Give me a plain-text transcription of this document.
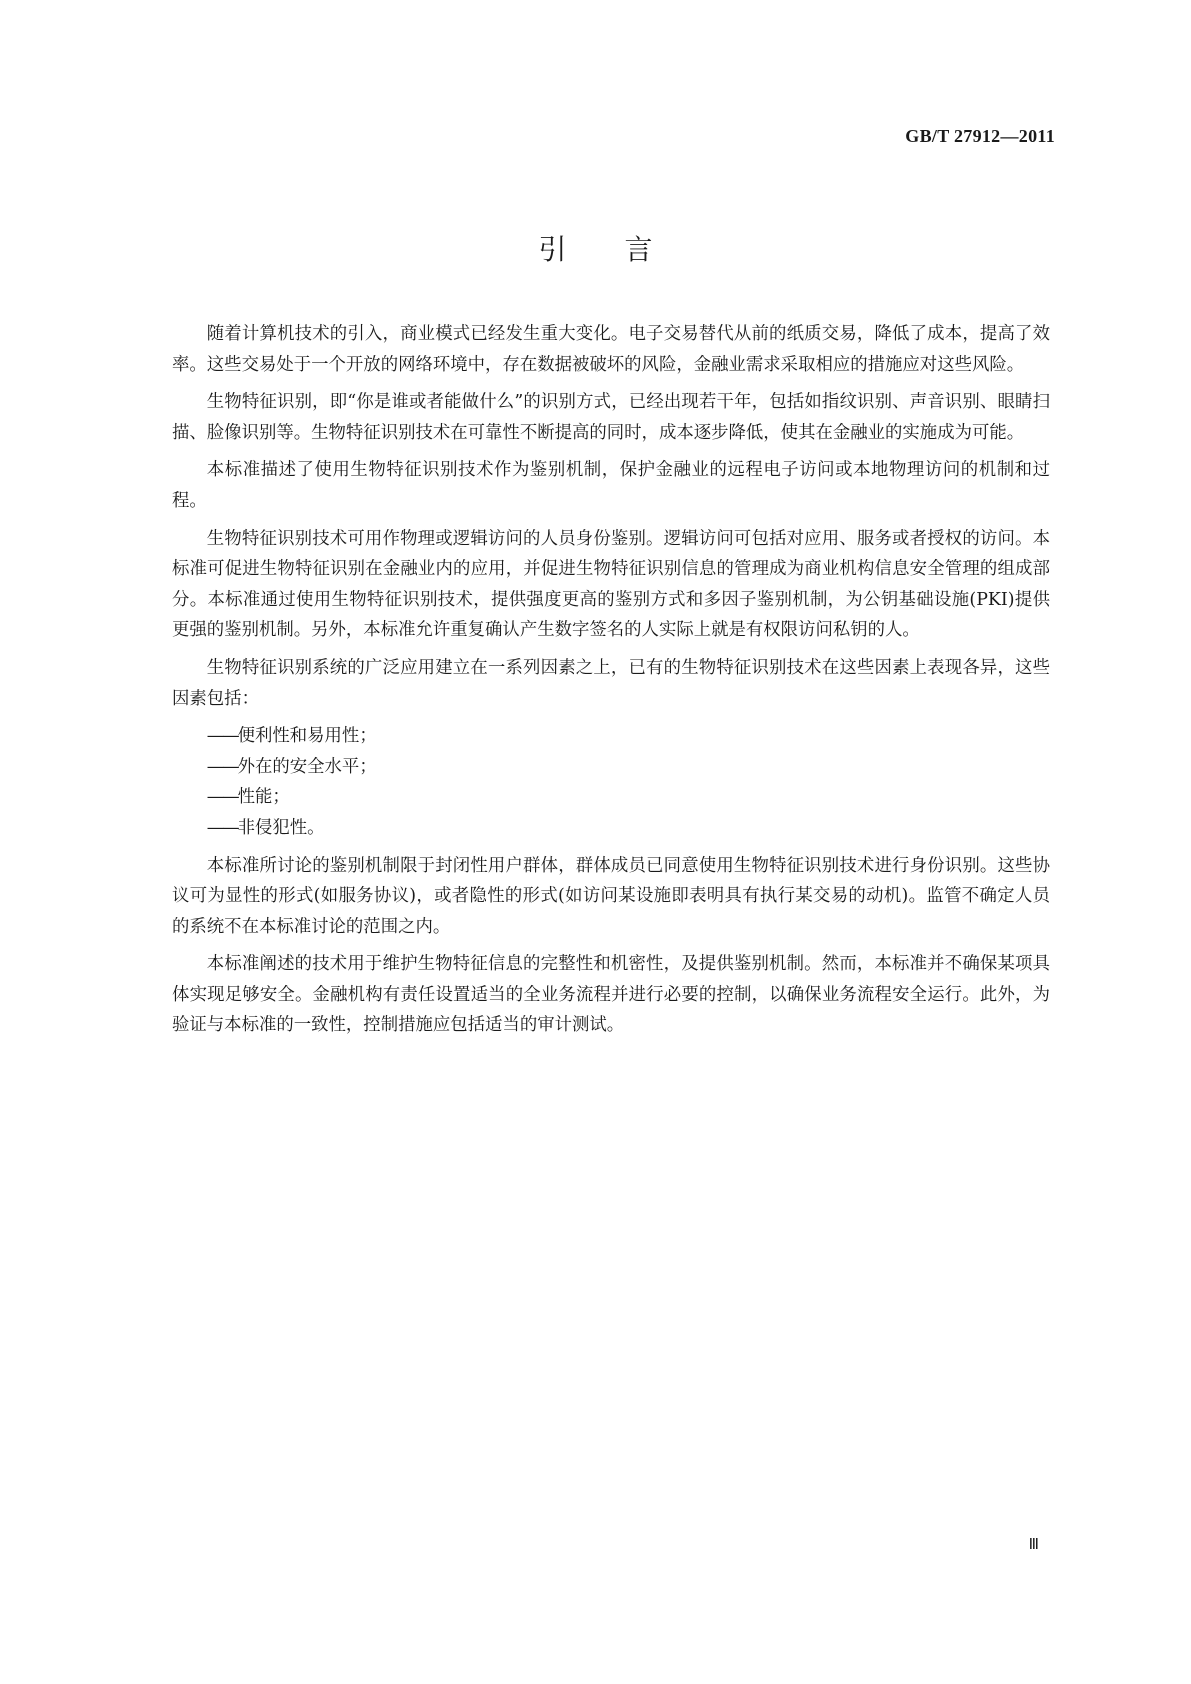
GB/T 27912—2011
引言

随着计算机技术的引入，商业模式已经发生重大变化。电子交易替代从前的纸质交易，降低了成本，提高了效率。这些交易处于一个开放的网络环境中，存在数据被破坏的风险，金融业需求采取相应的措施应对这些风险。

生物特征识别，即“你是谁或者能做什么”的识别方式，已经出现若干年，包括如指纹识别、声音识别、眼睛扫描、脸像识别等。生物特征识别技术在可靠性不断提高的同时，成本逐步降低，使其在金融业的实施成为可能。

本标准描述了使用生物特征识别技术作为鉴别机制，保护金融业的远程电子访问或本地物理访问的机制和过程。

生物特征识别技术可用作物理或逻辑访问的人员身份鉴别。逻辑访问可包括对应用、服务或者授权的访问。本标准可促进生物特征识别在金融业内的应用，并促进生物特征识别信息的管理成为商业机构信息安全管理的组成部分。本标准通过使用生物特征识别技术，提供强度更高的鉴别方式和多因子鉴别机制，为公钥基础设施(PKI)提供更强的鉴别机制。另外，本标准允许重复确认产生数字签名的人实际上就是有权限访问私钥的人。

生物特征识别系统的广泛应用建立在一系列因素之上，已有的生物特征识别技术在这些因素上表现各异，这些因素包括：

——便利性和易用性；
——外在的安全水平；
——性能；
——非侵犯性。

本标准所讨论的鉴别机制限于封闭性用户群体，群体成员已同意使用生物特征识别技术进行身份识别。这些协议可为显性的形式(如服务协议)，或者隐性的形式(如访问某设施即表明具有执行某交易的动机)。监管不确定人员的系统不在本标准讨论的范围之内。

本标准阐述的技术用于维护生物特征信息的完整性和机密性，及提供鉴别机制。然而，本标准并不确保某项具体实现足够安全。金融机构有责任设置适当的全业务流程并进行必要的控制，以确保业务流程安全运行。此外，为验证与本标准的一致性，控制措施应包括适当的审计测试。

Ⅲ
